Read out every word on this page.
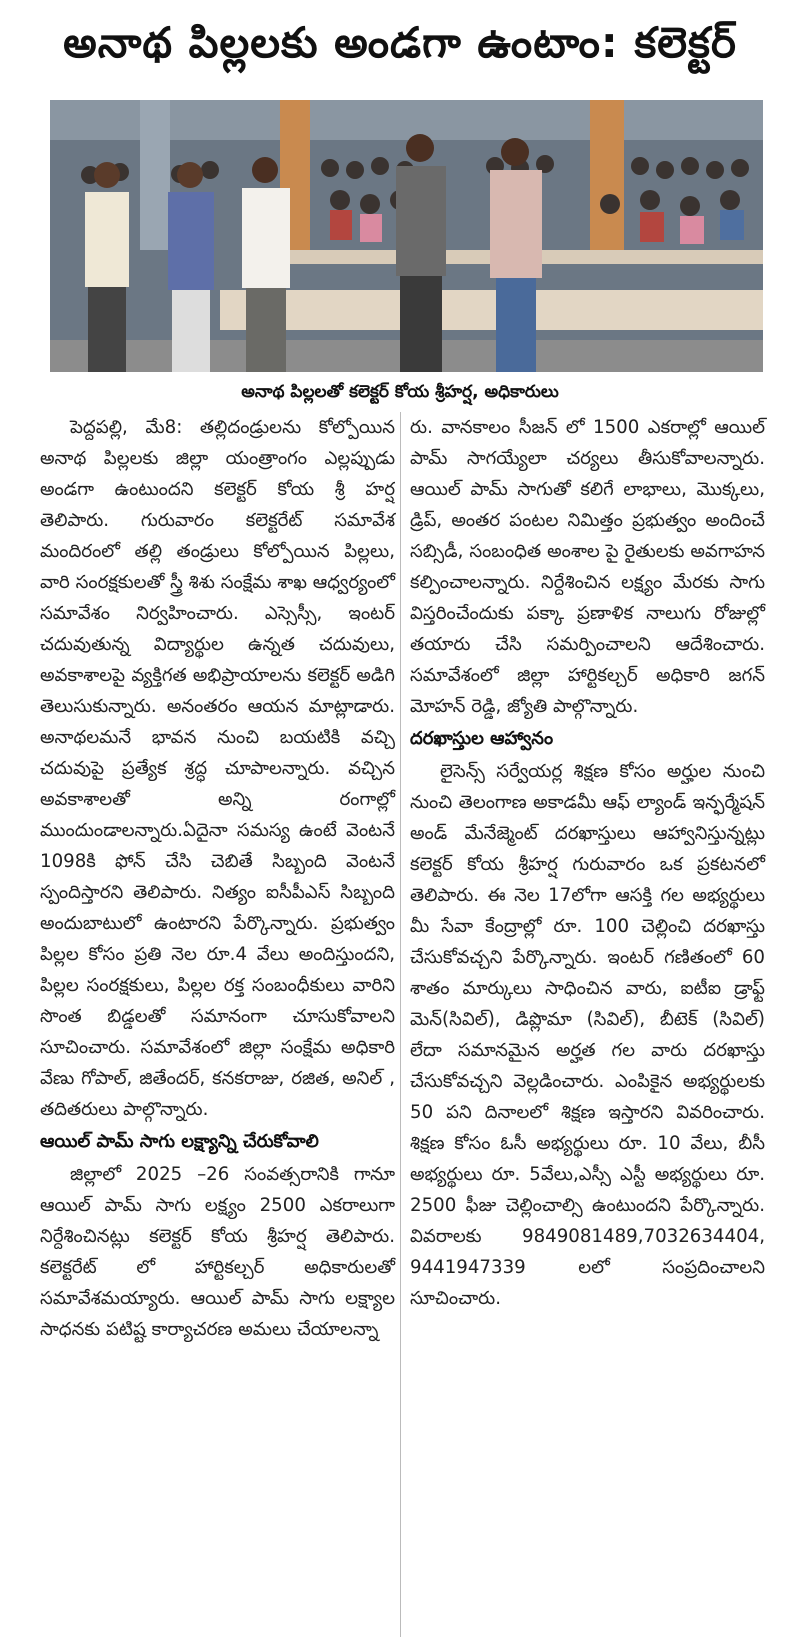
అనాథ పిల్లలకు అండగా ఉంటాం: కలెక్టర్
అనాథ పిల్లలతో కలెక్టర్ కోయ శ్రీహర్ష, అధికారులు

పెద్దపల్లి, మే8: తల్లిదండ్రులను కోల్పోయిన అనాథ పిల్లలకు జిల్లా యంత్రాంగం ఎల్లప్పుడు అండగా ఉంటుందని కలెక్టర్ కోయ శ్రీ హర్ష తెలిపారు. గురువారం కలెక్టరేట్ సమావేశ మందిరంలో తల్లి తండ్రులు కోల్పోయిన పిల్లలు, వారి సంరక్షకులతో స్త్రీ శిశు సంక్షేమ శాఖ ఆధ్వర్యంలో సమావేశం నిర్వహించారు. ఎస్సెస్సీ, ఇంటర్ చదువుతున్న విద్యార్థుల ఉన్నత చదువులు, అవకాశాలపై వ్యక్తిగత అభిప్రాయాలను కలెక్టర్ అడిగి తెలుసుకున్నారు. అనంతరం ఆయన మాట్లాడారు. అనాథలమనే భావన నుంచి బయటికి వచ్చి చదువుపై ప్రత్యేక శ్రద్ధ చూపాలన్నారు. వచ్చిన అవకాశాలతో అన్ని రంగాల్లో ముందుండాలన్నారు.ఏదైనా సమస్య ఉంటే వెంటనే 1098కి ఫోన్ చేసి చెబితే సిబ్బంది వెంటనే స్పందిస్తారని తెలిపారు. నిత్యం ఐసీపీఎస్ సిబ్బంది అందుబాటులో ఉంటారని పేర్కొన్నారు. ప్రభుత్వం పిల్లల కోసం ప్రతి నెల రూ.4 వేలు అందిస్తుందని, పిల్లల సంరక్షకులు, పిల్లల రక్త సంబంధీకులు వారిని సొంత బిడ్డలతో సమానంగా చూసుకోవాలని సూచించారు. సమావేశంలో జిల్లా సంక్షేమ అధికారి వేణు గోపాల్, జితేందర్, కనకరాజు, రజిత, అనిల్ , తదితరులు పాల్గొన్నారు.

ఆయిల్ పామ్ సాగు లక్ష్యాన్ని చేరుకోవాలి

జిల్లాలో 2025 –26 సంవత్సరానికి గానూ ఆయిల్ పామ్ సాగు లక్ష్యం 2500 ఎకరాలుగా నిర్దేశించినట్లు కలెక్టర్ కోయ శ్రీహర్ష తెలిపారు. కలెక్టరేట్ లో హార్టికల్చర్ అధికారులతో సమావేశమయ్యారు. ఆయిల్ పామ్ సాగు లక్ష్యాల సాధనకు పటిష్ట కార్యాచరణ అమలు చేయాలన్నా

రు. వానకాలం సీజన్ లో 1500 ఎకరాల్లో ఆయిల్ పామ్ సాగయ్యేలా చర్యలు తీసుకోవాలన్నారు. ఆయిల్ పామ్ సాగుతో కలిగే లాభాలు, మొక్కలు, డ్రిప్, అంతర పంటల నిమిత్తం ప్రభుత్వం అందించే సబ్సిడీ, సంబంధిత అంశాల పై రైతులకు అవగాహన కల్పించాలన్నారు. నిర్దేశించిన లక్ష్యం మేరకు సాగు విస్తరించేందుకు పక్కా ప్రణాళిక నాలుగు రోజుల్లో తయారు చేసి సమర్పించాలని ఆదేశించారు. సమావేశంలో జిల్లా హార్టికల్చర్ అధికారి జగన్ మోహన్ రెడ్డి, జ్యోతి పాల్గొన్నారు.

దరఖాస్తుల ఆహ్వానం

లైసెన్స్ సర్వేయర్ల శిక్షణ కోసం అర్హుల నుంచి నుంచి తెలంగాణ అకాడమీ ఆఫ్ ల్యాండ్ ఇన్ఫర్మేషన్ అండ్ మేనేజ్మెంట్ దరఖాస్తులు ఆహ్వానిస్తున్నట్లు కలెక్టర్ కోయ శ్రీహర్ష గురువారం ఒక ప్రకటనలో తెలిపారు. ఈ నెల 17లోగా ఆసక్తి గల అభ్యర్థులు మీ సేవా కేంద్రాల్లో రూ. 100 చెల్లించి దరఖాస్తు చేసుకోవచ్చని పేర్కొన్నారు. ఇంటర్ గణితంలో 60 శాతం మార్కులు సాధించిన వారు, ఐటీఐ డ్రాఫ్ట్ మెన్(సివిల్), డిప్లొమా (సివిల్), బీటెక్ (సివిల్) లేదా సమానమైన అర్హత గల వారు దరఖాస్తు చేసుకోవచ్చని వెల్లడించారు. ఎంపికైన అభ్యర్థులకు 50 పని దినాలలో శిక్షణ ఇస్తారని వివరించారు. శిక్షణ కోసం ఓసీ అభ్యర్థులు రూ. 10 వేలు, బీసీ అభ్యర్థులు రూ. 5వేలు,ఎస్సీ ఎస్టీ అభ్యర్థులు రూ. 2500 ఫీజు చెల్లించాల్సి ఉంటుందని పేర్కొన్నారు. వివరాలకు 9849081489,7032634404, 9441947339 లలో సంప్రదించాలని సూచించారు.
